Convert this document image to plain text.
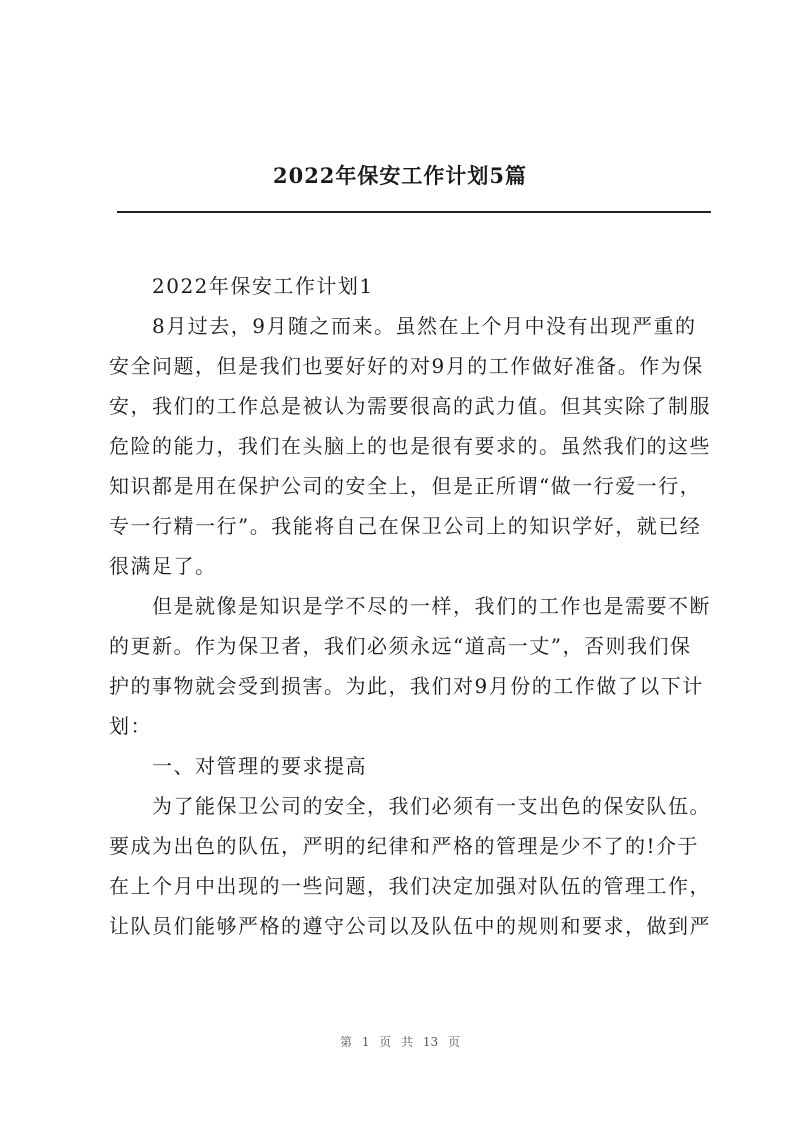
2022年保安工作计划5篇
　　2022年保安工作计划1
　　8月过去，9月随之而来。虽然在上个月中没有出现严重的
安全问题，但是我们也要好好的对9月的工作做好准备。作为保
安，我们的工作总是被认为需要很高的武力值。但其实除了制服
危险的能力，我们在头脑上的也是很有要求的。虽然我们的这些
知识都是用在保护公司的安全上，但是正所谓“做一行爱一行，
专一行精一行”。我能将自己在保卫公司上的知识学好，就已经
很满足了。
　　但是就像是知识是学不尽的一样，我们的工作也是需要不断
的更新。作为保卫者，我们必须永远“道高一丈”，否则我们保
护的事物就会受到损害。为此，我们对9月份的工作做了以下计
划：
　　一、对管理的要求提高
　　为了能保卫公司的安全，我们必须有一支出色的保安队伍。
要成为出色的队伍，严明的纪律和严格的管理是少不了的!介于
在上个月中出现的一些问题，我们决定加强对队伍的管理工作，
让队员们能够严格的遵守公司以及队伍中的规则和要求，做到严
第 1 页 共 13 页
